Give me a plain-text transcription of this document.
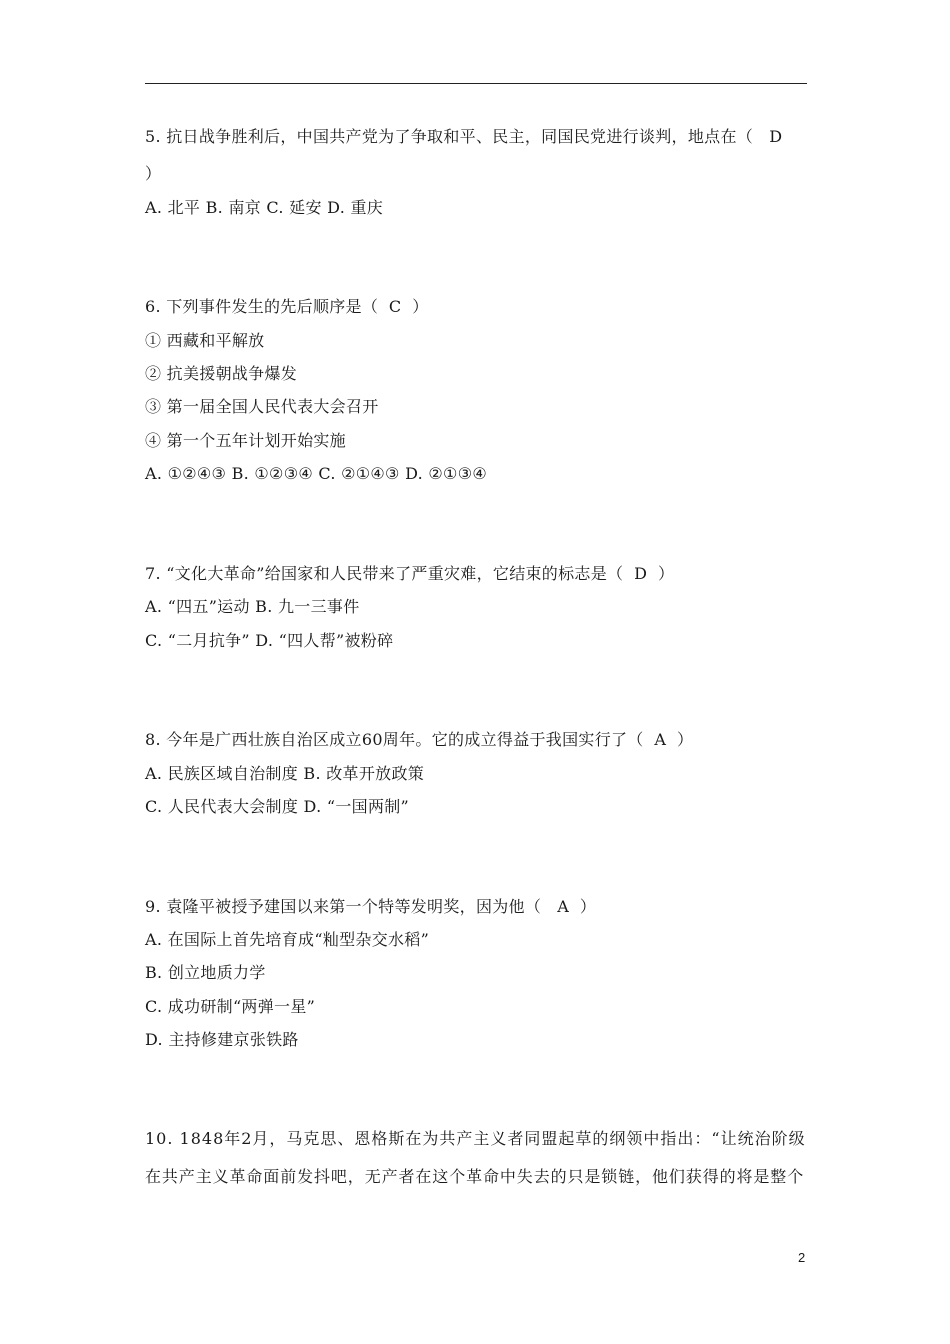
5. 抗日战争胜利后，中国共产党为了争取和平、民主，同国民党进行谈判，地点在（   D
）
A. 北平 B. 南京 C. 延安 D. 重庆
6. 下列事件发生的先后顺序是（  C  ）
① 西藏和平解放
② 抗美援朝战争爆发
③ 第一届全国人民代表大会召开
④ 第一个五年计划开始实施
A. ①②④③ B. ①②③④ C. ②①④③ D. ②①③④
7. “文化大革命”给国家和人民带来了严重灾难，它结束的标志是（  D  ）
A. “四五”运动 B. 九一三事件
C. “二月抗争” D. “四人帮”被粉碎
8. 今年是广西壮族自治区成立60周年。它的成立得益于我国实行了（  A  ）
A. 民族区域自治制度 B. 改革开放政策
C. 人民代表大会制度 D. “一国两制”
9. 袁隆平被授予建国以来第一个特等发明奖，因为他（   A  ）
A. 在国际上首先培育成“籼型杂交水稻”
B. 创立地质力学
C. 成功研制“两弹一星”
D. 主持修建京张铁路
10. 1848年2月，马克思、恩格斯在为共产主义者同盟起草的纲领中指出：“让统治阶级
在共产主义革命面前发抖吧，无产者在这个革命中失去的只是锁链，他们获得的将是整个
2
